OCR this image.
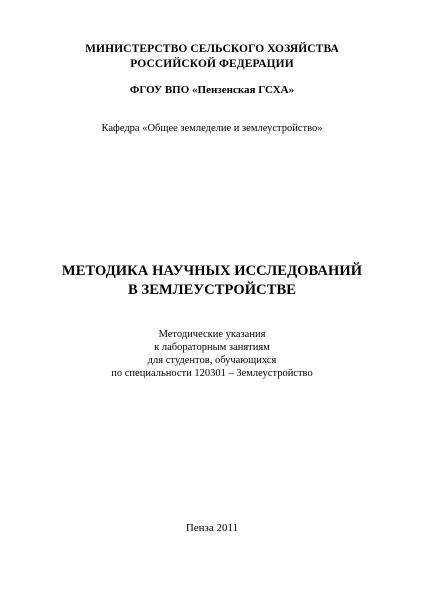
МИНИСТЕРСТВО СЕЛЬСКОГО ХОЗЯЙСТВА
РОССИЙСКОЙ ФЕДЕРАЦИИ
ФГОУ ВПО «Пензенская ГСХА»
Кафедра «Общее земледелие и землеустройство»
МЕТОДИКА НАУЧНЫХ ИССЛЕДОВАНИЙ
В ЗЕМЛЕУСТРОЙСТВЕ
Методические указания
к лабораторным занятиям
для студентов, обучающихся
по специальности 120301 – Землеустройство
Пенза 2011
